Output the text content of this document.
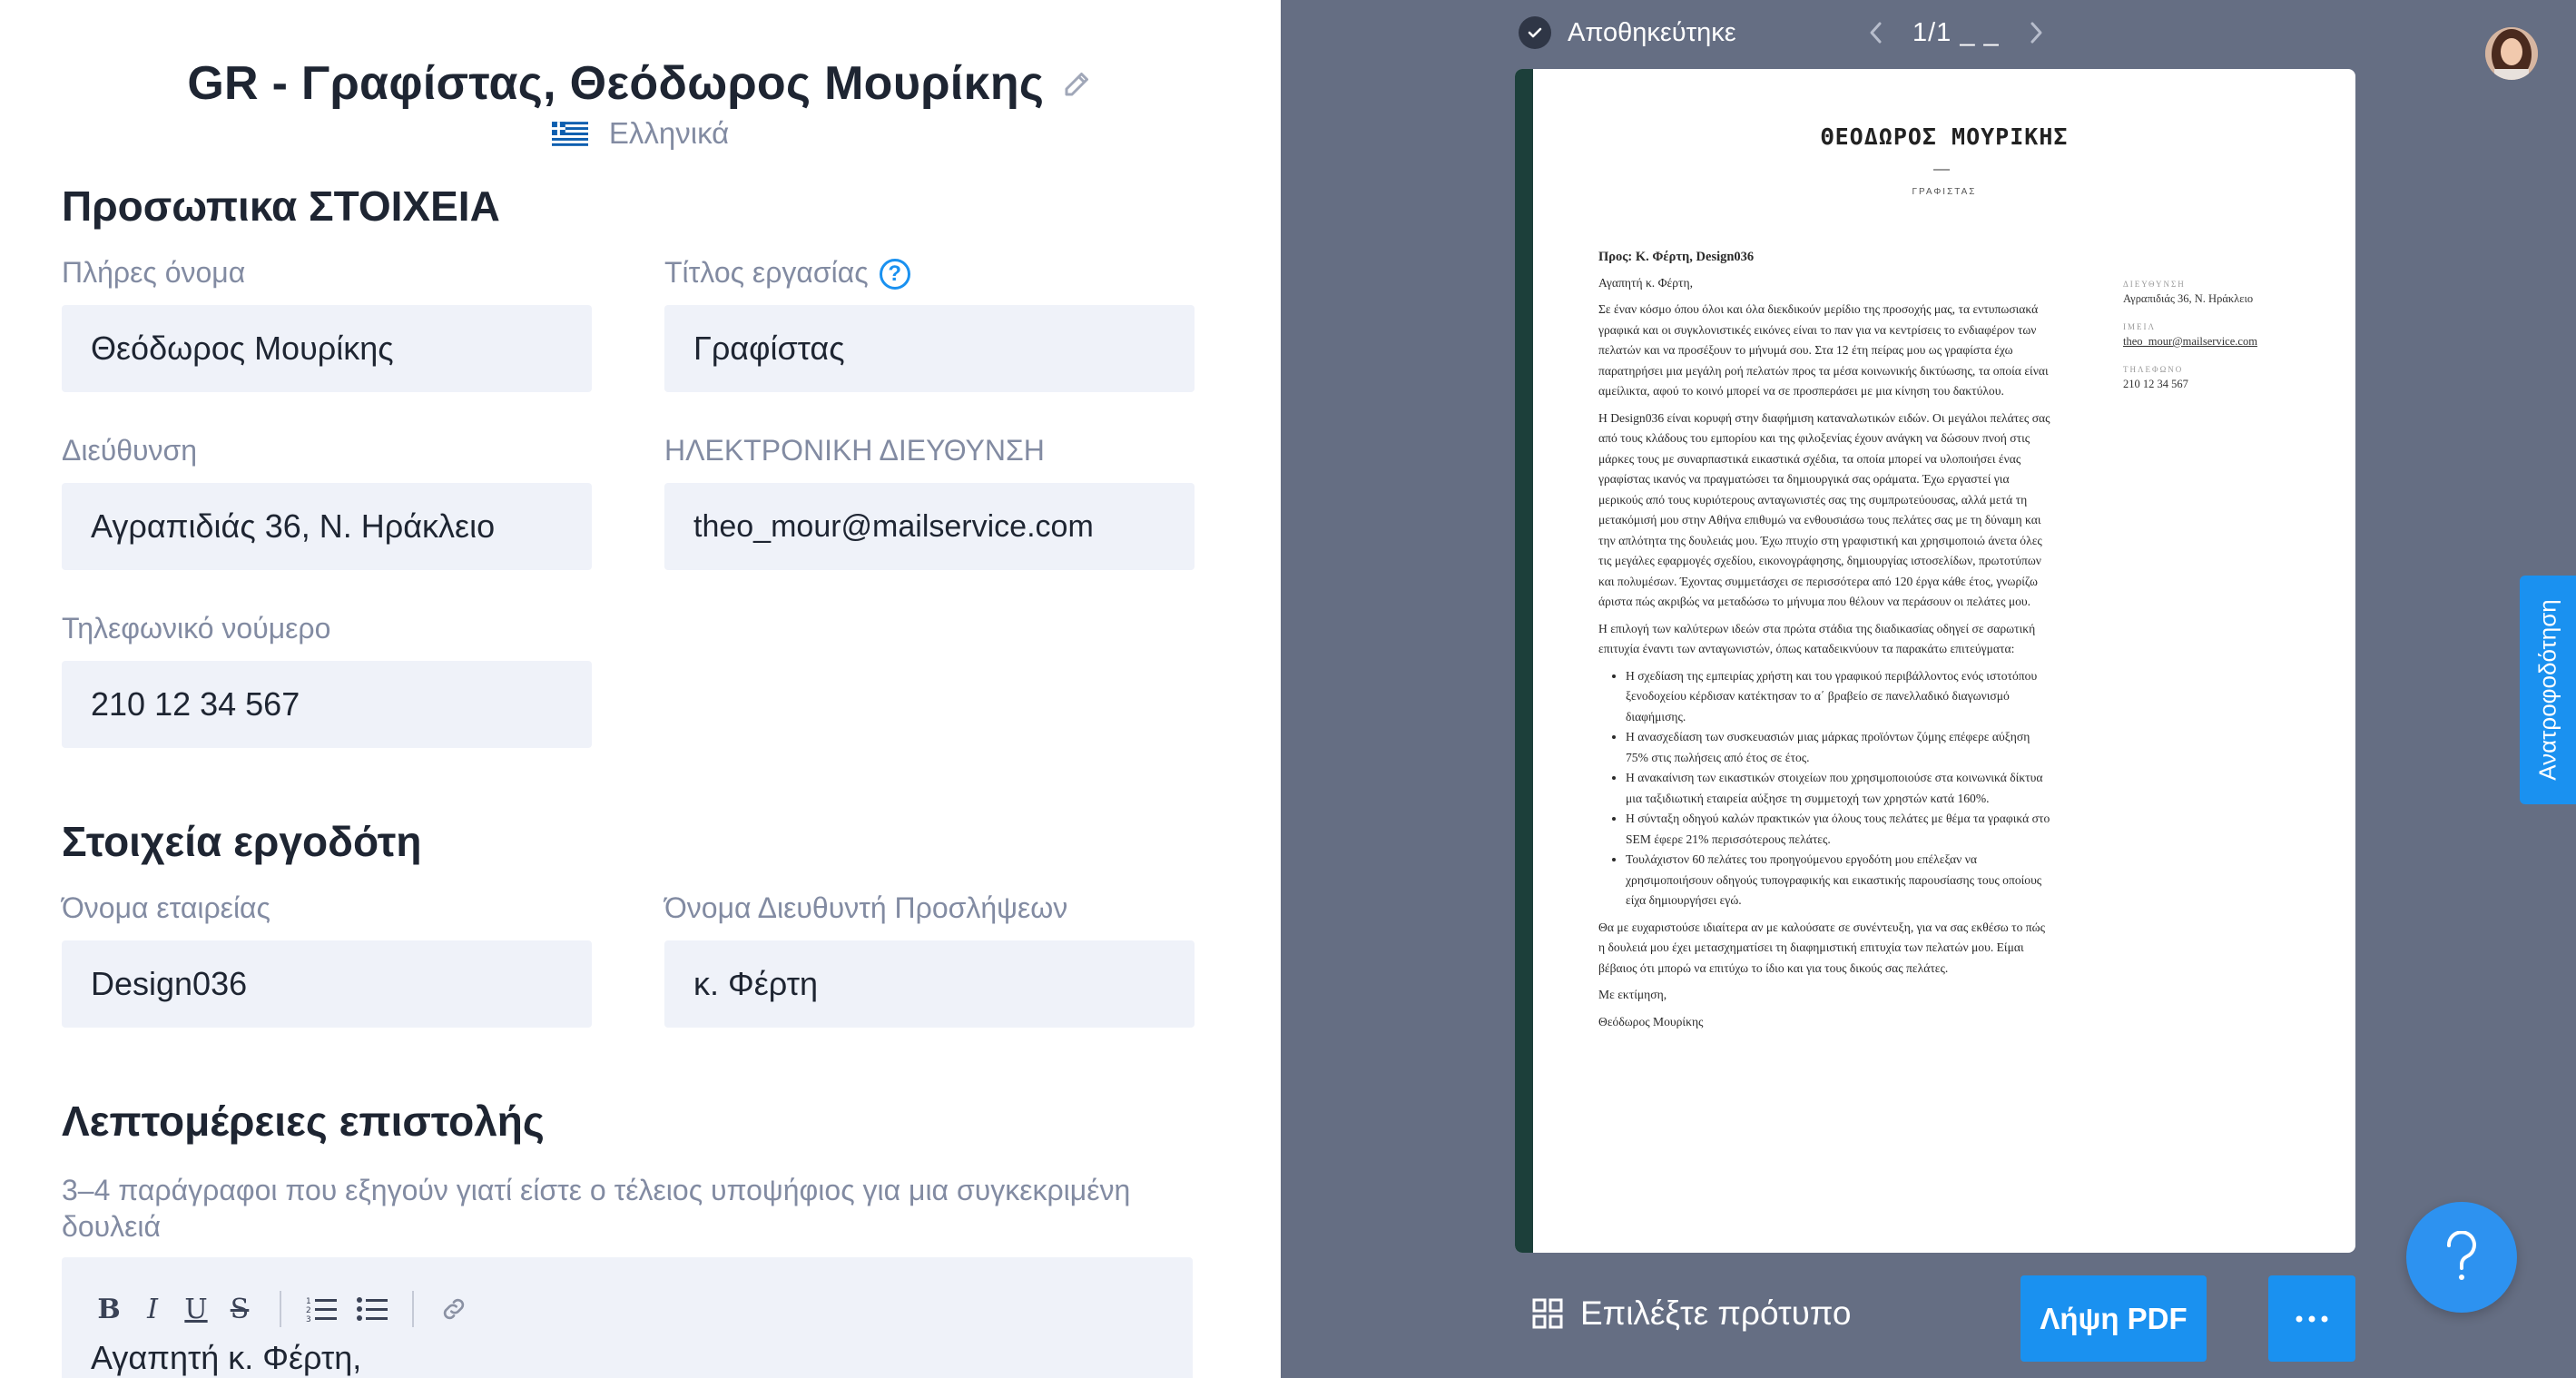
GR - Γραφίστας, Θεόδωρος Μουρίκης
Ελληνικά
Προσωπικα ΣΤΟΙΧΕΙΑ
Πλήρες όνομα
Θεόδωρος Μουρίκης
Τίτλος εργασίας ?
Γραφίστας
Διεύθυνση
Αγραπιδιάς 36, Ν. Ηράκλειο
ΗΛΕΚΤΡΟΝΙΚΗ ΔΙΕΥΘΥΝΣΗ
theo_mour@mailservice.com
Τηλεφωνικό νούμερο
210 12 34 567
Στοιχεία εργοδότη
Όνομα εταιρείας
Design036
Όνομα Διευθυντή Προσλήψεων
κ. Φέρτη
Λεπτομέρειες επιστολής
3–4 παράγραφοι που εξηγούν γιατί είστε ο τέλειος υποψήφιος για μια συγκεκριμένη δουλειά
B I U S	1
2
3
Αγαπητή κ. Φέρτη,
Αποθηκεύτηκε	1/1 _ _
ΘΕΟΔΩΡΟΣ ΜΟΥΡΙΚΗΣ
ΓΡΑΦΙΣΤΑΣ
Προς: Κ. Φέρτη, Design036

Αγαπητή κ. Φέρτη,

Σε έναν κόσμο όπου όλοι και όλα διεκδικούν μερίδιο της προσοχής μας, τα εντυπωσιακά γραφικά και οι συγκλονιστικές εικόνες είναι το παν για να κεντρίσεις το ενδιαφέρον των πελατών και να προσέξουν το μήνυμά σου. Στα 12 έτη πείρας μου ως γραφίστα έχω παρατηρήσει μια μεγάλη ροή πελατών προς τα μέσα κοινωνικής δικτύωσης, τα οποία είναι αμείλικτα, αφού το κοινό μπορεί να σε προσπεράσει με μια κίνηση του δακτύλου.

Η Design036 είναι κορυφή στην διαφήμιση καταναλωτικών ειδών. Οι μεγάλοι πελάτες σας από τους κλάδους του εμπορίου και της φιλοξενίας έχουν ανάγκη να δώσουν πνοή στις μάρκες τους με συναρπαστικά εικαστικά σχέδια, τα οποία μπορεί να υλοποιήσει ένας γραφίστας ικανός να πραγματώσει τα δημιουργικά σας οράματα. Έχω εργαστεί για μερικούς από τους κυριότερους ανταγωνιστές σας της συμπρωτεύουσας, αλλά μετά τη μετακόμισή μου στην Αθήνα επιθυμώ να ενθουσιάσω τους πελάτες σας με τη δύναμη και την απλότητα της δουλειάς μου. Έχω πτυχίο στη γραφιστική και χρησιμοποιώ άνετα όλες τις μεγάλες εφαρμογές σχεδίου, εικονογράφησης, δημιουργίας ιστοσελίδων, πρωτοτύπων και πολυμέσων. Έχοντας συμμετάσχει σε περισσότερα από 120 έργα κάθε έτος, γνωρίζω άριστα πώς ακριβώς να μεταδώσω το μήνυμα που θέλουν να περάσουν οι πελάτες μου.

Η επιλογή των καλύτερων ιδεών στα πρώτα στάδια της διαδικασίας οδηγεί σε σαρωτική επιτυχία έναντι των ανταγωνιστών, όπως καταδεικνύουν τα παρακάτω επιτεύγματα:

• Η σχεδίαση της εμπειρίας χρήστη και του γραφικού περιβάλλοντος ενός ιστοτόπου ξενοδοχείου κέρδισαν κατέκτησαν το α΄ βραβείο σε πανελλαδικό διαγωνισμό διαφήμισης.
• Η ανασχεδίαση των συσκευασιών μιας μάρκας προϊόντων ζύμης επέφερε αύξηση 75% στις πωλήσεις από έτος σε έτος.
• Η ανακαίνιση των εικαστικών στοιχείων που χρησιμοποιούσε στα κοινωνικά δίκτυα μια ταξιδιωτική εταιρεία αύξησε τη συμμετοχή των χρηστών κατά 160%.
• Η σύνταξη οδηγού καλών πρακτικών για όλους τους πελάτες με θέμα τα γραφικά στο SEM έφερε 21% περισσότερους πελάτες.
• Τουλάχιστον 60 πελάτες του προηγούμενου εργοδότη μου επέλεξαν να χρησιμοποιήσουν οδηγούς τυπογραφικής και εικαστικής παρουσίασης τους οποίους είχα δημιουργήσει εγώ.

Θα με ευχαριστούσε ιδιαίτερα αν με καλούσατε σε συνέντευξη, για να σας εκθέσω το πώς η δουλειά μου έχει μετασχηματίσει τη διαφημιστική επιτυχία των πελατών μου. Είμαι βέβαιος ότι μπορώ να επιτύχω το ίδιο και για τους δικούς σας πελάτες.

Με εκτίμηση,

Θεόδωρος Μουρίκης

ΔΙΕΥΘΥΝΣΗ
Αγραπιδιάς 36, Ν. Ηράκλειο
ΙΜΕΙΛ
theo_mour@mailservice.com
ΤΗΛΕΦΩΝΟ
210 12 34 567
Επιλέξτε πρότυπο	Λήψη PDF
Ανατροφοδότηση
